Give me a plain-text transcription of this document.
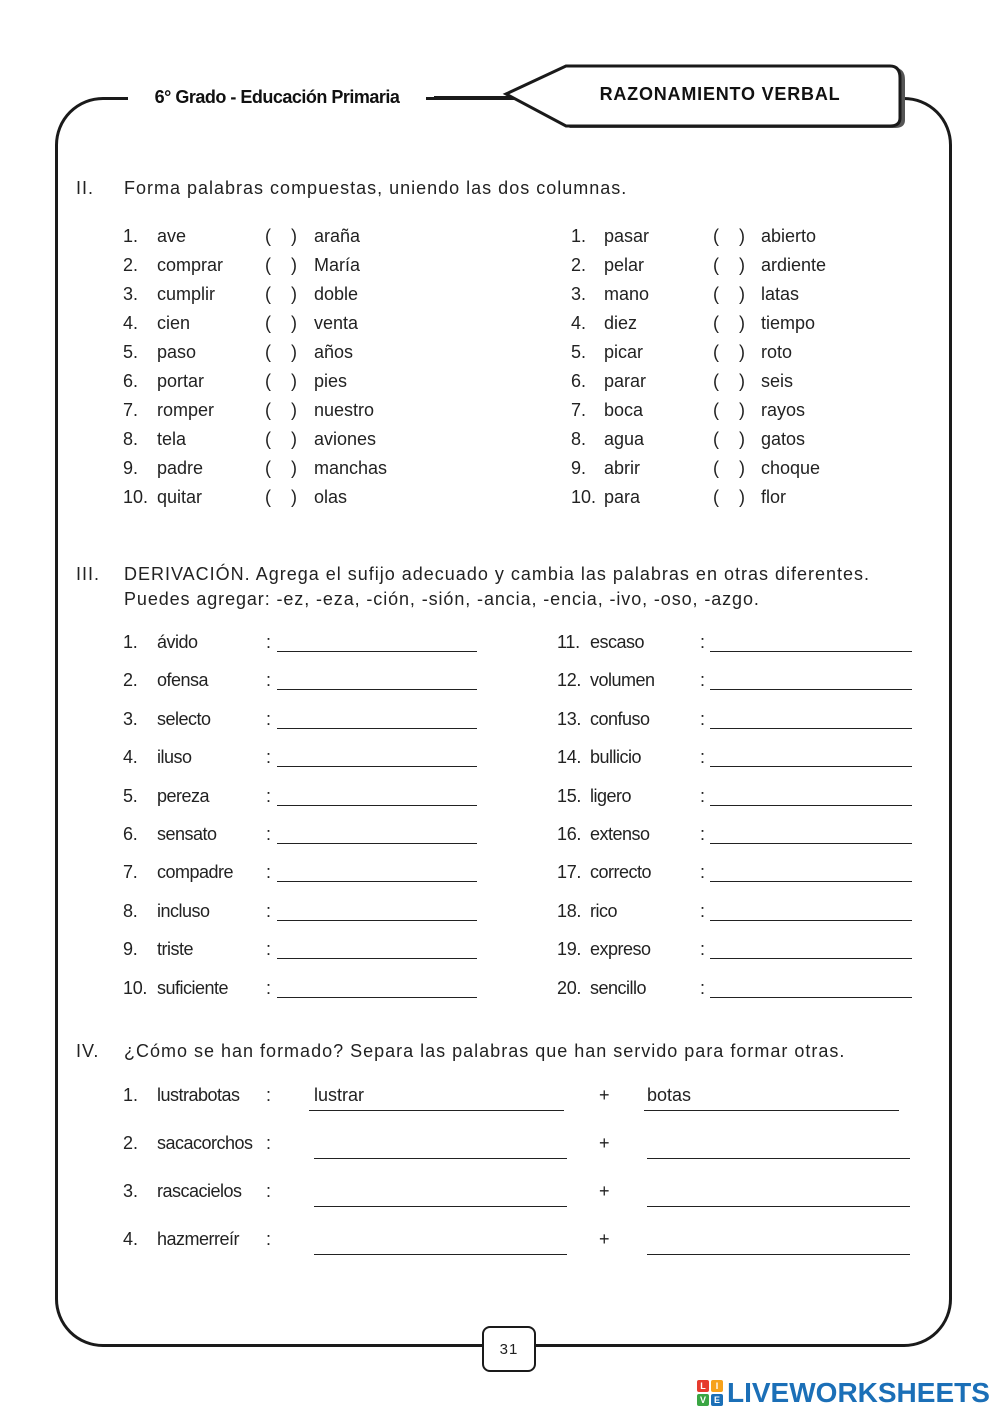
6° Grado - Educación Primaria	RAZONAMIENTO VERBAL
II. Forma palabras compuestas, uniendo las dos columnas.
1. ave	(    ) araña
2. comprar (    ) María
3. cumplir	(    ) doble
4. cien	(    ) venta
5. paso	(    ) años
6. portar	(    ) pies
7. romper	(    ) nuestro
8. tela	(    ) aviones
9. padre	(    ) manchas
10. quitar	(    ) olas
1. pasar	(    ) abierto
2. pelar	(    ) ardiente
3. mano	(    ) latas
4. diez	(    ) tiempo
5. picar	(    ) roto
6. parar	(    ) seis
7. boca	(    ) rayos
8. agua	(    ) gatos
9. abrir	(    ) choque
10. para	(    ) flor
III. DERIVACIÓN. Agrega el sufijo adecuado y cambia las palabras en otras diferentes.
Puedes agregar: -ez, -eza, -ción, -sión, -ancia, -encia, -ivo, -oso, -azgo.
1. ávido	:
2. ofensa	:
3. selecto	:
4. iluso	:
5. pereza	:
6. sensato	:
7. compadre :
8. incluso	:
9. triste	:
10. suficiente :
11. escaso	:
12. volumen	:
13. confuso	:
14. bullicio	:
15. ligero	:
16. extenso	:
17. correcto	:
18. rico	:
19. expreso	:
20. sencillo	:
IV. ¿Cómo se han formado? Separa las palabras que han servido para formar otras.
1. lustrabotas : lustrar	+ botas
2. sacacorchos :	+
3. rascacielos :	+
4. hazmerreír :	+
31
L	I
V E LIVEWORKSHEETS
